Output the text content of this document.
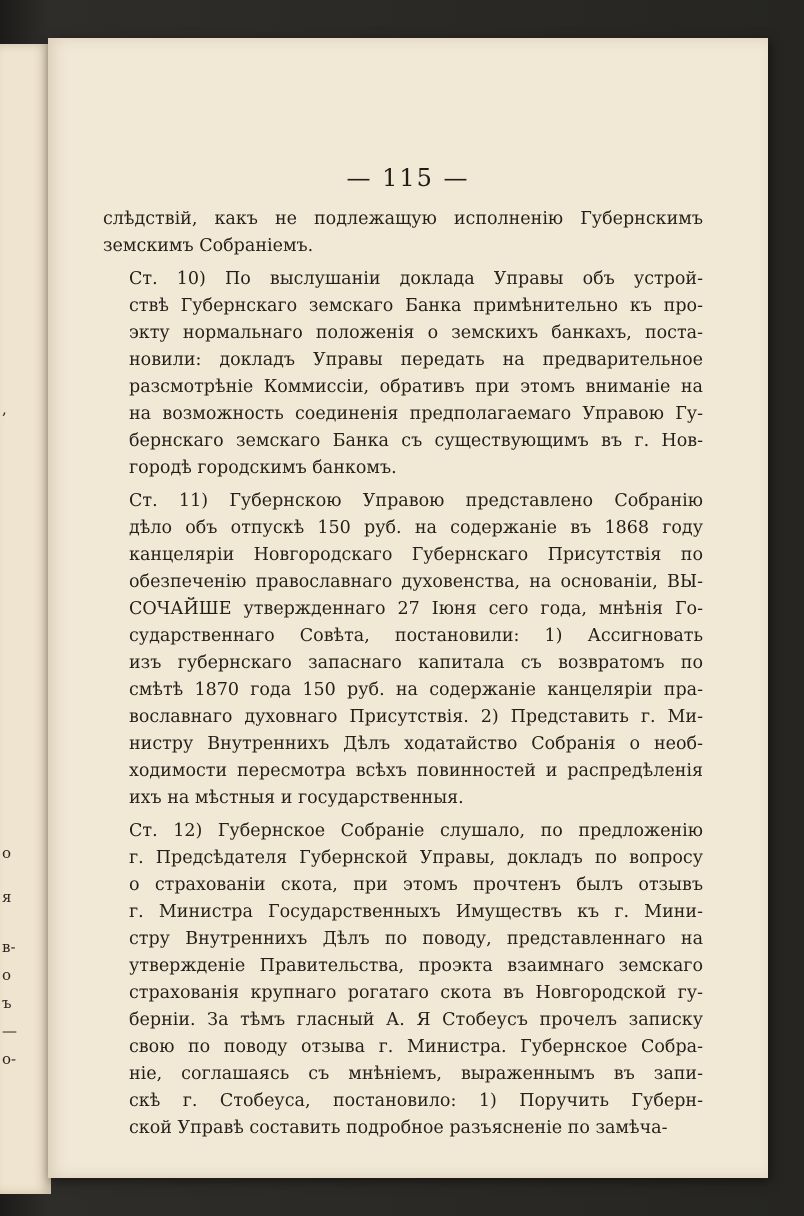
,
о
я
в-
о
ъ
—
о-
— 115 —
слѣдствій, какъ не подлежащую исполненію Губернскимъ
земскимъ Собраніемъ.
Ст. 10) По выслушаніи доклада Управы объ устрой-
ствѣ Губернскаго земскаго Банка примѣнительно къ про-
экту нормальнаго положенія о земскихъ банкахъ, поста-
новили: докладъ Управы передать на предварительное
разсмотрѣніе Коммиссіи, обративъ при этомъ вниманіе на
на возможность соединенія предполагаемаго Управою Гу-
бернскаго земскаго Банка съ существующимъ въ г. Нов-
городѣ городскимъ банкомъ.
Ст. 11) Губернскою Управою представлено Собранію
дѣло объ отпускѣ 150 руб. на содержаніе въ 1868 году
канцеляріи Новгородскаго Губернскаго Присутствія по
обезпеченію православнаго духовенства, на основаніи, ВЫ-
СОЧАЙШЕ утвержденнаго 27 Іюня сего года, мнѣнія Го-
сударственнаго Совѣта, постановили: 1) Ассигновать
изъ губернскаго запаснаго капитала съ возвратомъ по
смѣтѣ 1870 года 150 руб. на содержаніе канцеляріи пра-
вославнаго духовнаго Присутствія. 2) Представить г. Ми-
нистру Внутреннихъ Дѣлъ ходатайство Собранія о необ-
ходимости пересмотра всѣхъ повинностей и распредѣленія
ихъ на мѣстныя и государственныя.
Ст. 12) Губернское Собраніе слушало, по предложенію
г. Предсѣдателя Губернской Управы, докладъ по вопросу
о страхованіи скота, при этомъ прочтенъ былъ отзывъ
г. Министра Государственныхъ Имуществъ къ г. Мини-
стру Внутреннихъ Дѣлъ по поводу, представленнаго на
утвержденіе Правительства, проэкта взаимнаго земскаго
страхованія крупнаго рогатаго скота въ Новгородской гу-
берніи. За тѣмъ гласный А. Я Стобеусъ прочелъ записку
свою по поводу отзыва г. Министра. Губернское Собра-
ніе, соглашаясь съ мнѣніемъ, выраженнымъ въ запи-
скѣ г. Стобеуса, постановило: 1) Поручить Губерн-
ской Управѣ составить подробное разъясненіе по замѣча-
